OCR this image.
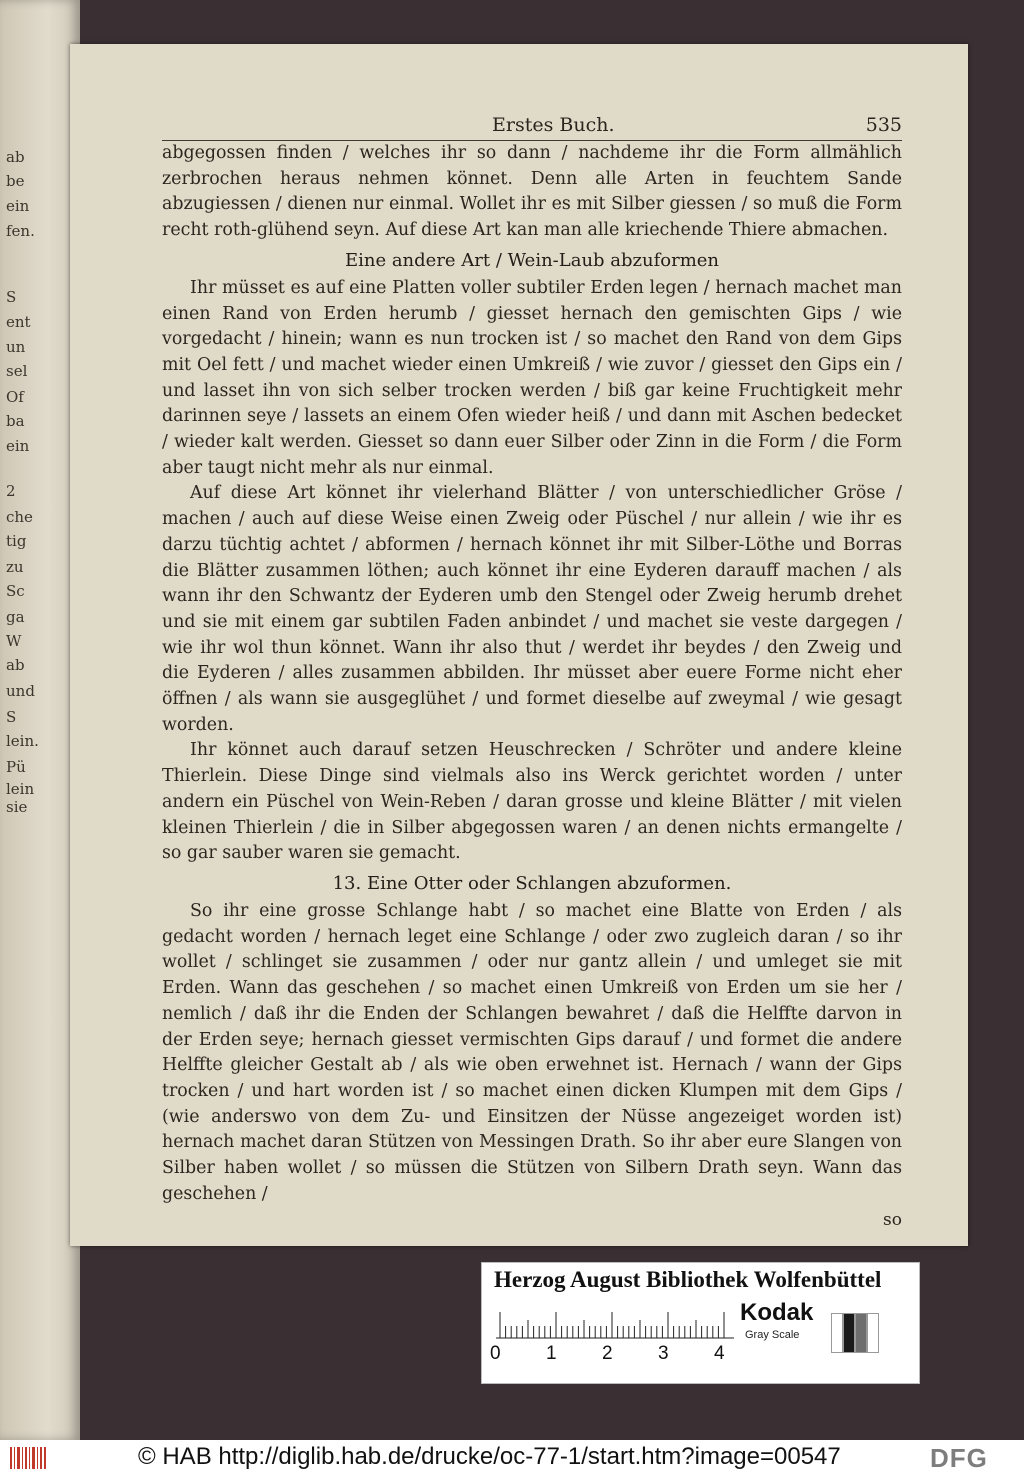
ab
be
ein
fen.
S
ent
un
sel
Of
ba
ein
2
che
tig
zu
Sc
ga
W
ab
und
S
lein.
Pü
lein
sie
Erstes Buch.	535

abgegossen finden / welches ihr so dann / nachdeme ihr die Form allmählich zerbrochen heraus nehmen könnet. Denn alle Arten in feuchtem Sande abzugiessen / dienen nur einmal. Wollet ihr es mit Silber giessen / so muß die Form recht roth-glühend seyn. Auf diese Art kan man alle kriechende Thiere abmachen.

Eine andere Art / Wein-Laub abzuformen

Ihr müsset es auf eine Platten voller subtiler Erden legen / hernach machet man einen Rand von Erden herumb / giesset hernach den gemischten Gips / wie vorgedacht / hinein; wann es nun trocken ist / so machet den Rand von dem Gips mit Oel fett / und machet wieder einen Umkreiß / wie zuvor / giesset den Gips ein / und lasset ihn von sich selber trocken werden / biß gar keine Fruchtigkeit mehr darinnen seye / lassets an einem Ofen wieder heiß / und dann mit Aschen bedecket / wieder kalt werden. Giesset so dann euer Silber oder Zinn in die Form / die Form aber taugt nicht mehr als nur einmal.

Auf diese Art könnet ihr vielerhand Blätter / von unterschiedlicher Gröse / machen / auch auf diese Weise einen Zweig oder Püschel / nur allein / wie ihr es darzu tüchtig achtet / abformen / hernach könnet ihr mit Silber-Löthe und Borras die Blätter zusammen löthen; auch könnet ihr eine Eyderen darauff machen / als wann ihr den Schwantz der Eyderen umb den Stengel oder Zweig herumb drehet und sie mit einem gar subtilen Faden anbindet / und machet sie veste dargegen / wie ihr wol thun könnet. Wann ihr also thut / werdet ihr beydes / den Zweig und die Eyderen / alles zusammen abbilden. Ihr müsset aber euere Forme nicht eher öffnen / als wann sie ausgeglühet / und formet dieselbe auf zweymal / wie gesagt worden.

Ihr könnet auch darauf setzen Heuschrecken / Schröter und andere kleine Thierlein. Diese Dinge sind vielmals also ins Werck gerichtet worden / unter andern ein Püschel von Wein-Reben / daran grosse und kleine Blätter / mit vielen kleinen Thierlein / die in Silber abgegossen waren / an denen nichts ermangelte / so gar sauber waren sie gemacht.

13. Eine Otter oder Schlangen abzuformen.

So ihr eine grosse Schlange habt / so machet eine Blatte von Erden / als gedacht worden / hernach leget eine Schlange / oder zwo zugleich daran / so ihr wollet / schlinget sie zusammen / oder nur gantz allein / und umleget sie mit Erden. Wann das geschehen / so machet einen Umkreiß von Erden um sie her / nemlich / daß ihr die Enden der Schlangen bewahret / daß die Helffte darvon in der Erden seye; hernach giesset vermischten Gips darauf / und formet die andere Helffte gleicher Gestalt ab / als wie oben erwehnet ist. Hernach / wann der Gips trocken / und hart worden ist / so machet einen dicken Klumpen mit dem Gips / (wie anderswo von dem Zu- und Einsitzen der Nüsse angezeiget worden ist) hernach machet daran Stützen von Messingen Drath. So ihr aber eure Slangen von Silber haben wollet / so müssen die Stützen von Silbern Drath seyn. Wann das geschehen /

so
Herzog August Bibliothek Wolfenbüttel
0 1 2 3 4
Kodak
Gray Scale
© HAB http://diglib.hab.de/drucke/oc-77-1/start.htm?image=00547	DFG
